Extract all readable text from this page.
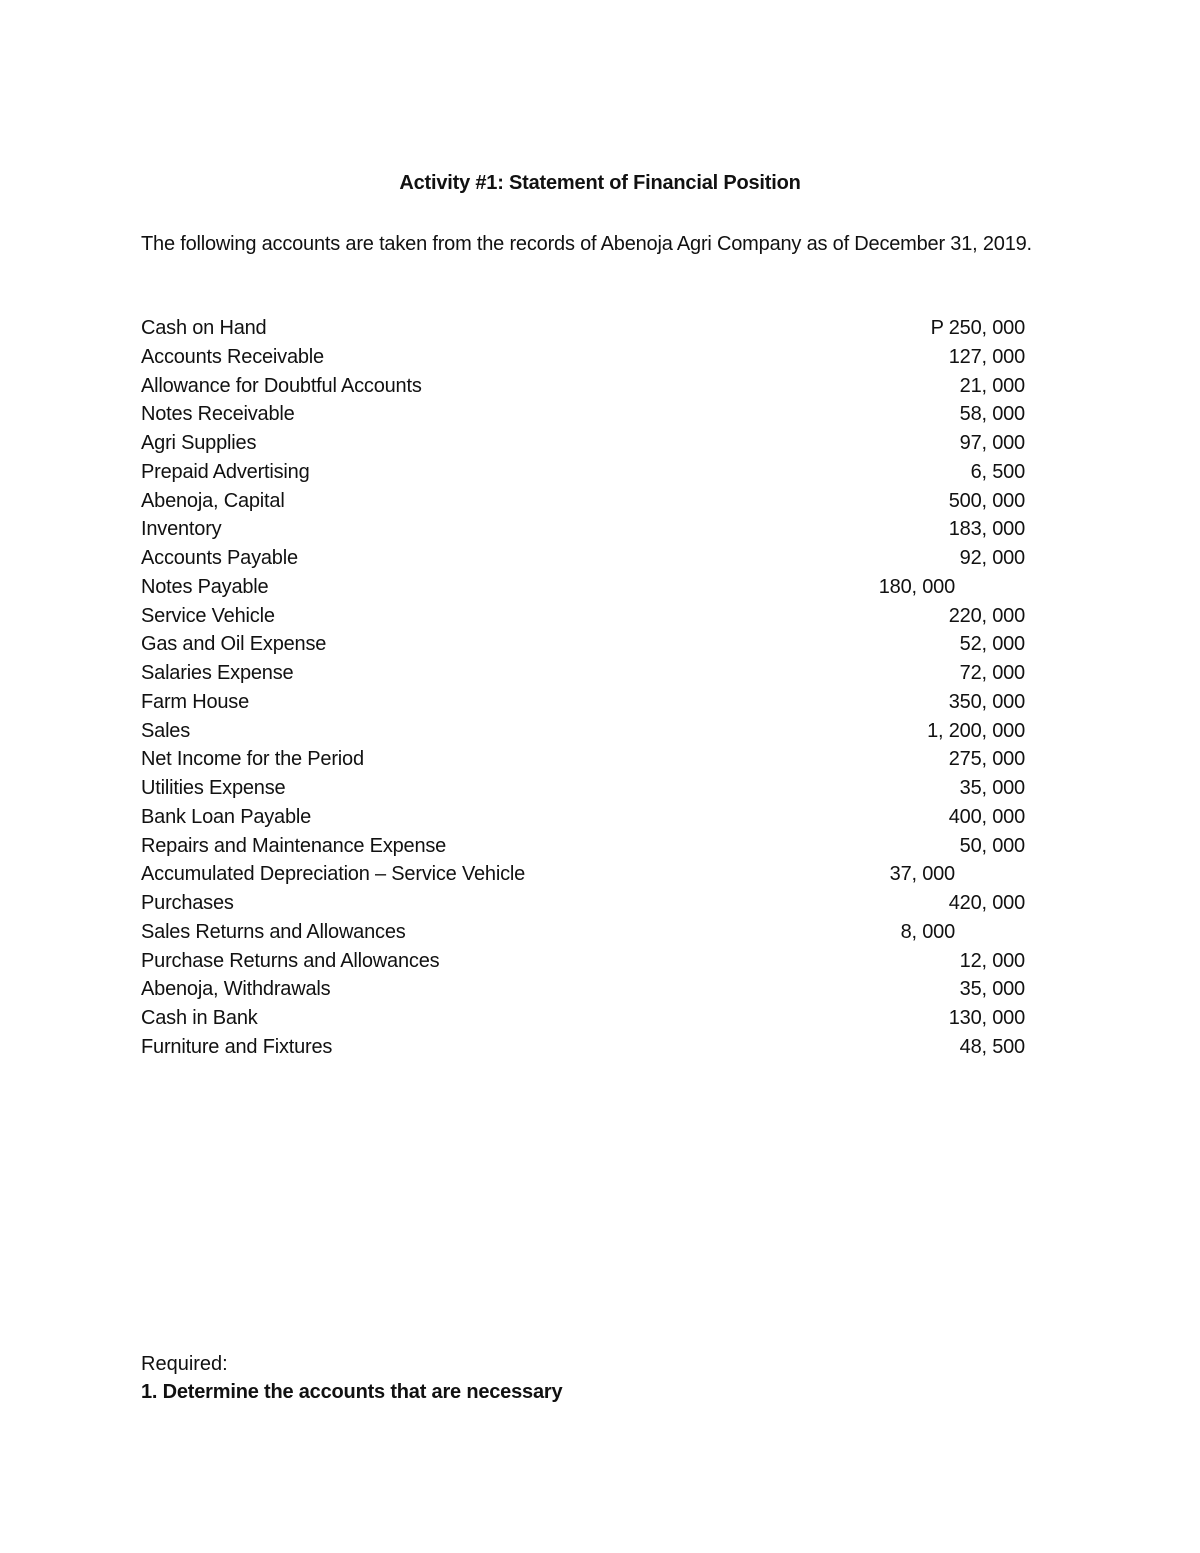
Activity #1: Statement of Financial Position
The following accounts are taken from the records of Abenoja Agri Company as of December 31, 2019.
Cash on Hand	P 250, 000
Accounts Receivable	127, 000
Allowance for Doubtful Accounts	21, 000
Notes Receivable	58, 000
Agri Supplies	97, 000
Prepaid Advertising	6, 500
Abenoja, Capital	500, 000
Inventory	183, 000
Accounts Payable	92, 000
Notes Payable	180, 000
Service Vehicle	220, 000
Gas and Oil Expense	52, 000
Salaries Expense	72, 000
Farm House	350, 000
Sales	1, 200, 000
Net Income for the Period	275, 000
Utilities Expense	35, 000
Bank Loan Payable	400, 000
Repairs and Maintenance Expense	50, 000
Accumulated Depreciation – Service Vehicle	37, 000
Purchases	420, 000
Sales Returns and Allowances	8, 000
Purchase Returns and Allowances	12, 000
Abenoja, Withdrawals	35, 000
Cash in Bank	130, 000
Furniture and Fixtures	48, 500
Required:
1. Determine the accounts that are necessary
